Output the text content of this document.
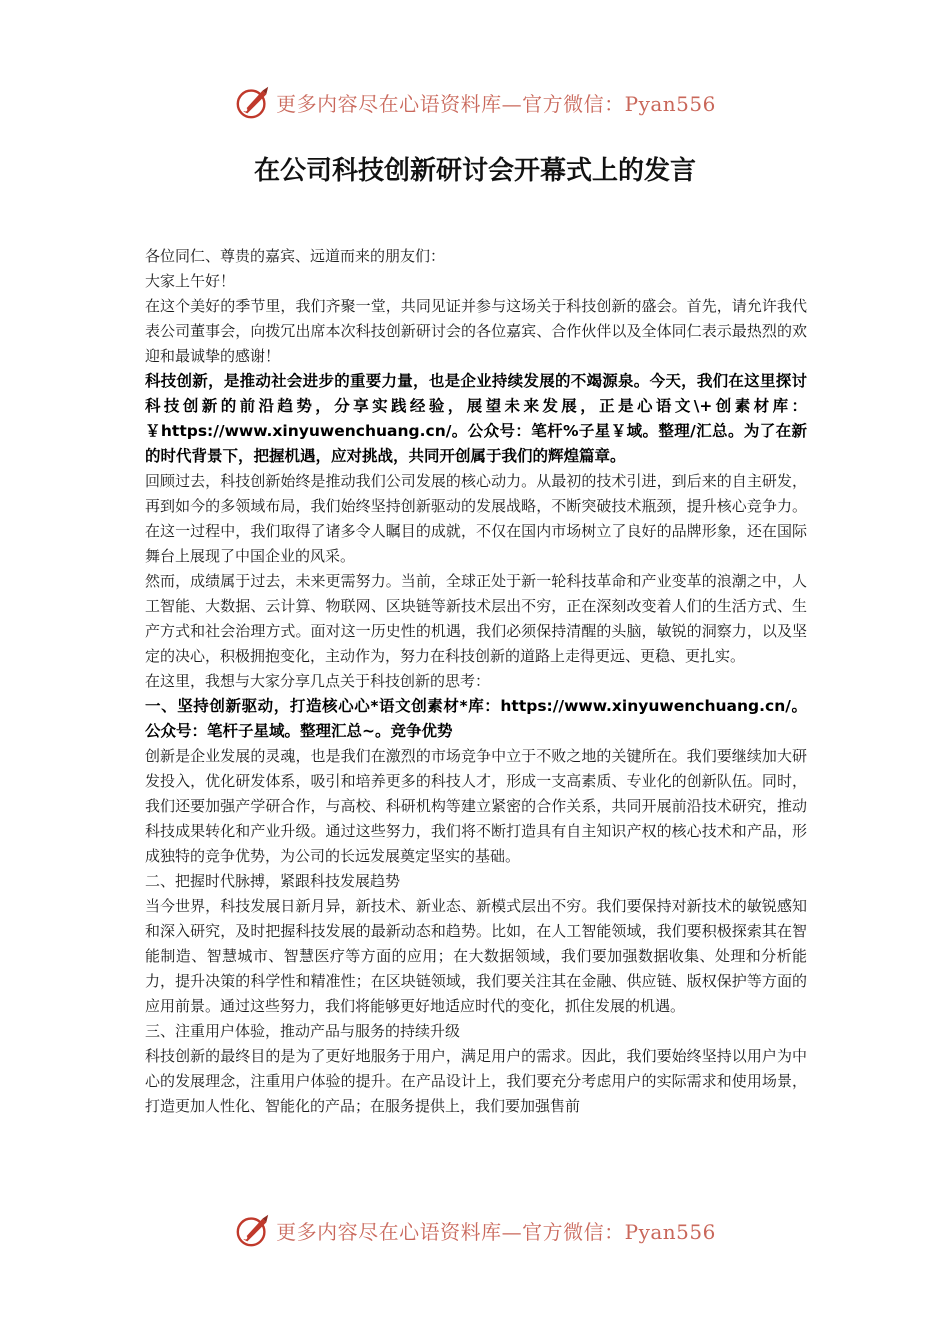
更多内容尽在心语资料库—官方微信：Pyan556
在公司科技创新研讨会开幕式上的发言

各位同仁、尊贵的嘉宾、远道而来的朋友们：

大家上午好！

在这个美好的季节里，我们齐聚一堂，共同见证并参与这场关于科技创新的盛会。首先，请允许我代表公司董事会，向拨冗出席本次科技创新研讨会的各位嘉宾、合作伙伴以及全体同仁表示最热烈的欢迎和最诚挚的感谢！

科技创新，是推动社会进步的重要力量，也是企业持续发展的不竭源泉。今天，我们在这里探讨科技创新的前沿趋势，分享实践经验，展望未来发展，正是心语文\+创素材库：￥https://www.xinyuwenchuang.cn/。公众号：笔杆%子星￥域。整理/汇总。为了在新的时代背景下，把握机遇，应对挑战，共同开创属于我们的辉煌篇章。

回顾过去，科技创新始终是推动我们公司发展的核心动力。从最初的技术引进，到后来的自主研发，再到如今的多领域布局，我们始终坚持创新驱动的发展战略，不断突破技术瓶颈，提升核心竞争力。在这一过程中，我们取得了诸多令人瞩目的成就，不仅在国内市场树立了良好的品牌形象，还在国际舞台上展现了中国企业的风采。

然而，成绩属于过去，未来更需努力。当前，全球正处于新一轮科技革命和产业变革的浪潮之中，人工智能、大数据、云计算、物联网、区块链等新技术层出不穷，正在深刻改变着人们的生活方式、生产方式和社会治理方式。面对这一历史性的机遇，我们必须保持清醒的头脑，敏锐的洞察力，以及坚定的决心，积极拥抱变化，主动作为，努力在科技创新的道路上走得更远、更稳、更扎实。

在这里，我想与大家分享几点关于科技创新的思考：

一、坚持创新驱动，打造核心心*语文创素材*库：https://www.xinyuwenchuang.cn/。公众号：笔杆子星域。整理汇总~。竞争优势

创新是企业发展的灵魂，也是我们在激烈的市场竞争中立于不败之地的关键所在。我们要继续加大研发投入，优化研发体系，吸引和培养更多的科技人才，形成一支高素质、专业化的创新队伍。同时，我们还要加强产学研合作，与高校、科研机构等建立紧密的合作关系，共同开展前沿技术研究，推动科技成果转化和产业升级。通过这些努力，我们将不断打造具有自主知识产权的核心技术和产品，形成独特的竞争优势，为公司的长远发展奠定坚实的基础。

二、把握时代脉搏，紧跟科技发展趋势

当今世界，科技发展日新月异，新技术、新业态、新模式层出不穷。我们要保持对新技术的敏锐感知和深入研究，及时把握科技发展的最新动态和趋势。比如，在人工智能领域，我们要积极探索其在智能制造、智慧城市、智慧医疗等方面的应用；在大数据领域，我们要加强数据收集、处理和分析能力，提升决策的科学性和精准性；在区块链领域，我们要关注其在金融、供应链、版权保护等方面的应用前景。通过这些努力，我们将能够更好地适应时代的变化，抓住发展的机遇。

三、注重用户体验，推动产品与服务的持续升级

科技创新的最终目的是为了更好地服务于用户，满足用户的需求。因此，我们要始终坚持以用户为中心的发展理念，注重用户体验的提升。在产品设计上，我们要充分考虑用户的实际需求和使用场景，打造更加人性化、智能化的产品；在服务提供上，我们要加强售前

更多内容尽在心语资料库—官方微信：Pyan556
